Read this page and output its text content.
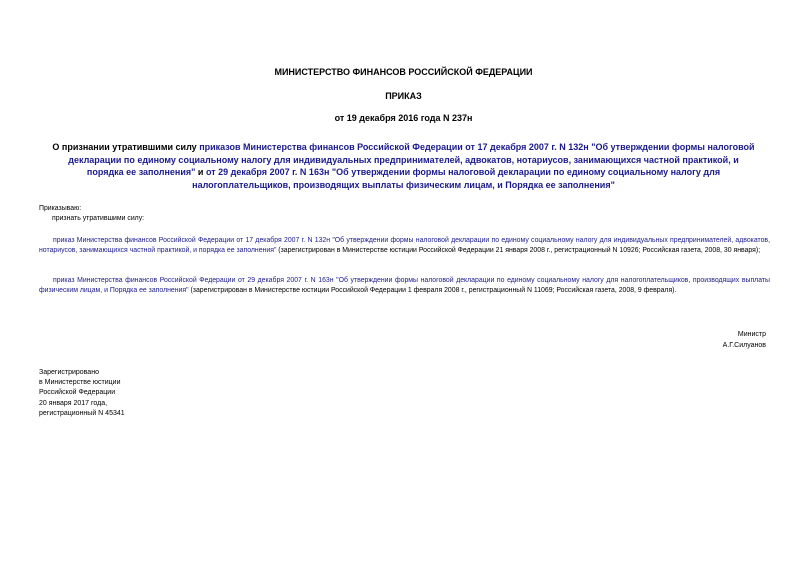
МИНИСТЕРСТВО ФИНАНСОВ РОССИЙСКОЙ ФЕДЕРАЦИИ
ПРИКАЗ
от 19 декабря 2016 года N 237н
О признании утратившими силу приказов Министерства финансов Российской Федерации от 17 декабря 2007 г. N 132н "Об утверждении формы налоговой декларации по единому социальному налогу для индивидуальных предпринимателей, адвокатов, нотариусов, занимающихся частной практикой, и порядка ее заполнения" и от 29 декабря 2007 г. N 163н "Об утверждении формы налоговой декларации по единому социальному налогу для налогоплательщиков, производящих выплаты физическим лицам, и Порядка ее заполнения"
Приказываю:
признать утратившими силу:
приказ Министерства финансов Российской Федерации от 17 декабря 2007 г. N 132н "Об утверждении формы налоговой декларации по единому социальному налогу для индивидуальных предпринимателей, адвокатов, нотариусов, занимающихся частной практикой, и порядка ее заполнения" (зарегистрирован в Министерстве юстиции Российской Федерации 21 января 2008 г., регистрационный N 10926; Российская газета, 2008, 30 января);
приказ Министерства финансов Российской Федерации от 29 декабря 2007 г. N 163н "Об утверждении формы налоговой декларации по единому социальному налогу для налогоплательщиков, производящих выплаты физическим лицам, и Порядка ее заполнения" (зарегистрирован в Министерстве юстиции Российской Федерации 1 февраля 2008 г., регистрационный N 11069; Российская газета, 2008, 9 февраля).
Министр
А.Г.Силуанов
Зарегистрировано
в Министерстве юстиции
Российской Федерации
20 января 2017 года,
регистрационный N 45341
